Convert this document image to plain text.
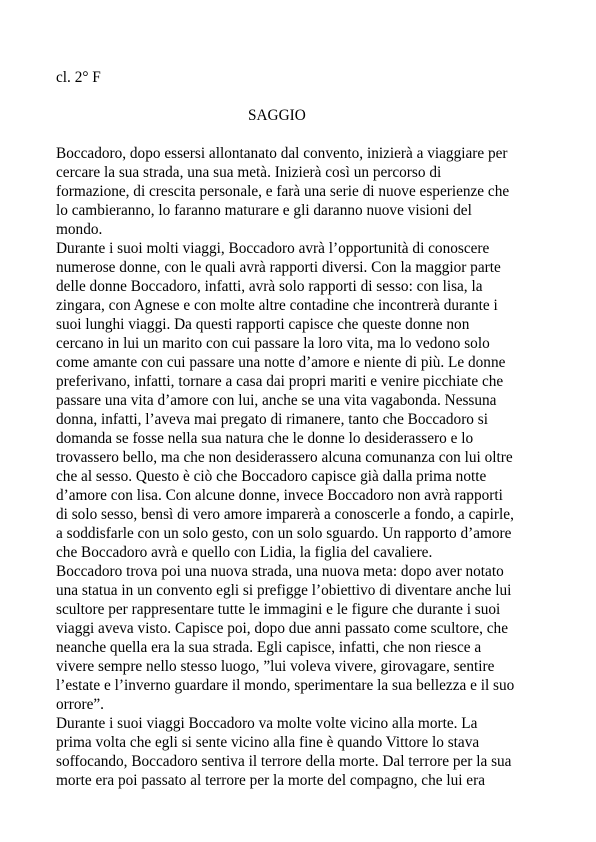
cl. 2° F

SAGGIO

Boccadoro, dopo essersi allontanato dal convento, inizierà a viaggiare per
cercare la sua strada, una sua metà. Inizierà così un percorso di
formazione, di crescita personale, e farà una serie di nuove esperienze che
lo cambieranno, lo faranno maturare e gli daranno nuove visioni del
mondo.

Durante i suoi molti viaggi, Boccadoro avrà l’opportunità di conoscere
numerose donne, con le quali avrà rapporti diversi. Con la maggior parte
delle donne Boccadoro, infatti, avrà solo rapporti di sesso: con lisa, la
zingara, con Agnese e con molte altre contadine che incontrerà durante i
suoi lunghi viaggi. Da questi rapporti capisce che queste donne non
cercano in lui un marito con cui passare la loro vita, ma lo vedono solo
come amante con cui passare una notte d’amore e niente di più. Le donne
preferivano, infatti, tornare a casa dai propri mariti e venire picchiate che
passare una vita d’amore con lui, anche se una vita vagabonda. Nessuna
donna, infatti, l’aveva mai pregato di rimanere, tanto che Boccadoro si
domanda se fosse nella sua natura che le donne lo desiderassero e lo
trovassero bello, ma che non desiderassero alcuna comunanza con lui oltre
che al sesso. Questo è ciò che Boccadoro capisce già dalla prima notte
d’amore con lisa. Con alcune donne, invece Boccadoro non avrà rapporti
di solo sesso, bensì di vero amore imparerà a conoscerle a fondo, a capirle,
a soddisfarle con un solo gesto, con un solo sguardo. Un rapporto d’amore
che Boccadoro avrà e quello con Lidia, la figlia del cavaliere.

Boccadoro trova poi una nuova strada, una nuova meta: dopo aver notato
una statua in un convento egli si prefigge l’obiettivo di diventare anche lui
scultore per rappresentare tutte le immagini e le figure che durante i suoi
viaggi aveva visto. Capisce poi, dopo due anni passato come scultore, che
neanche quella era la sua strada. Egli capisce, infatti, che non riesce a
vivere sempre nello stesso luogo, ”lui voleva vivere, girovagare, sentire
l’estate e l’inverno guardare il mondo, sperimentare la sua bellezza e il suo
orrore”.

Durante i suoi viaggi Boccadoro va molte volte vicino alla morte. La
prima volta che egli si sente vicino alla fine è quando Vittore lo stava
soffocando, Boccadoro sentiva il terrore della morte. Dal terrore per la sua
morte era poi passato al terrore per la morte del compagno, che lui era
